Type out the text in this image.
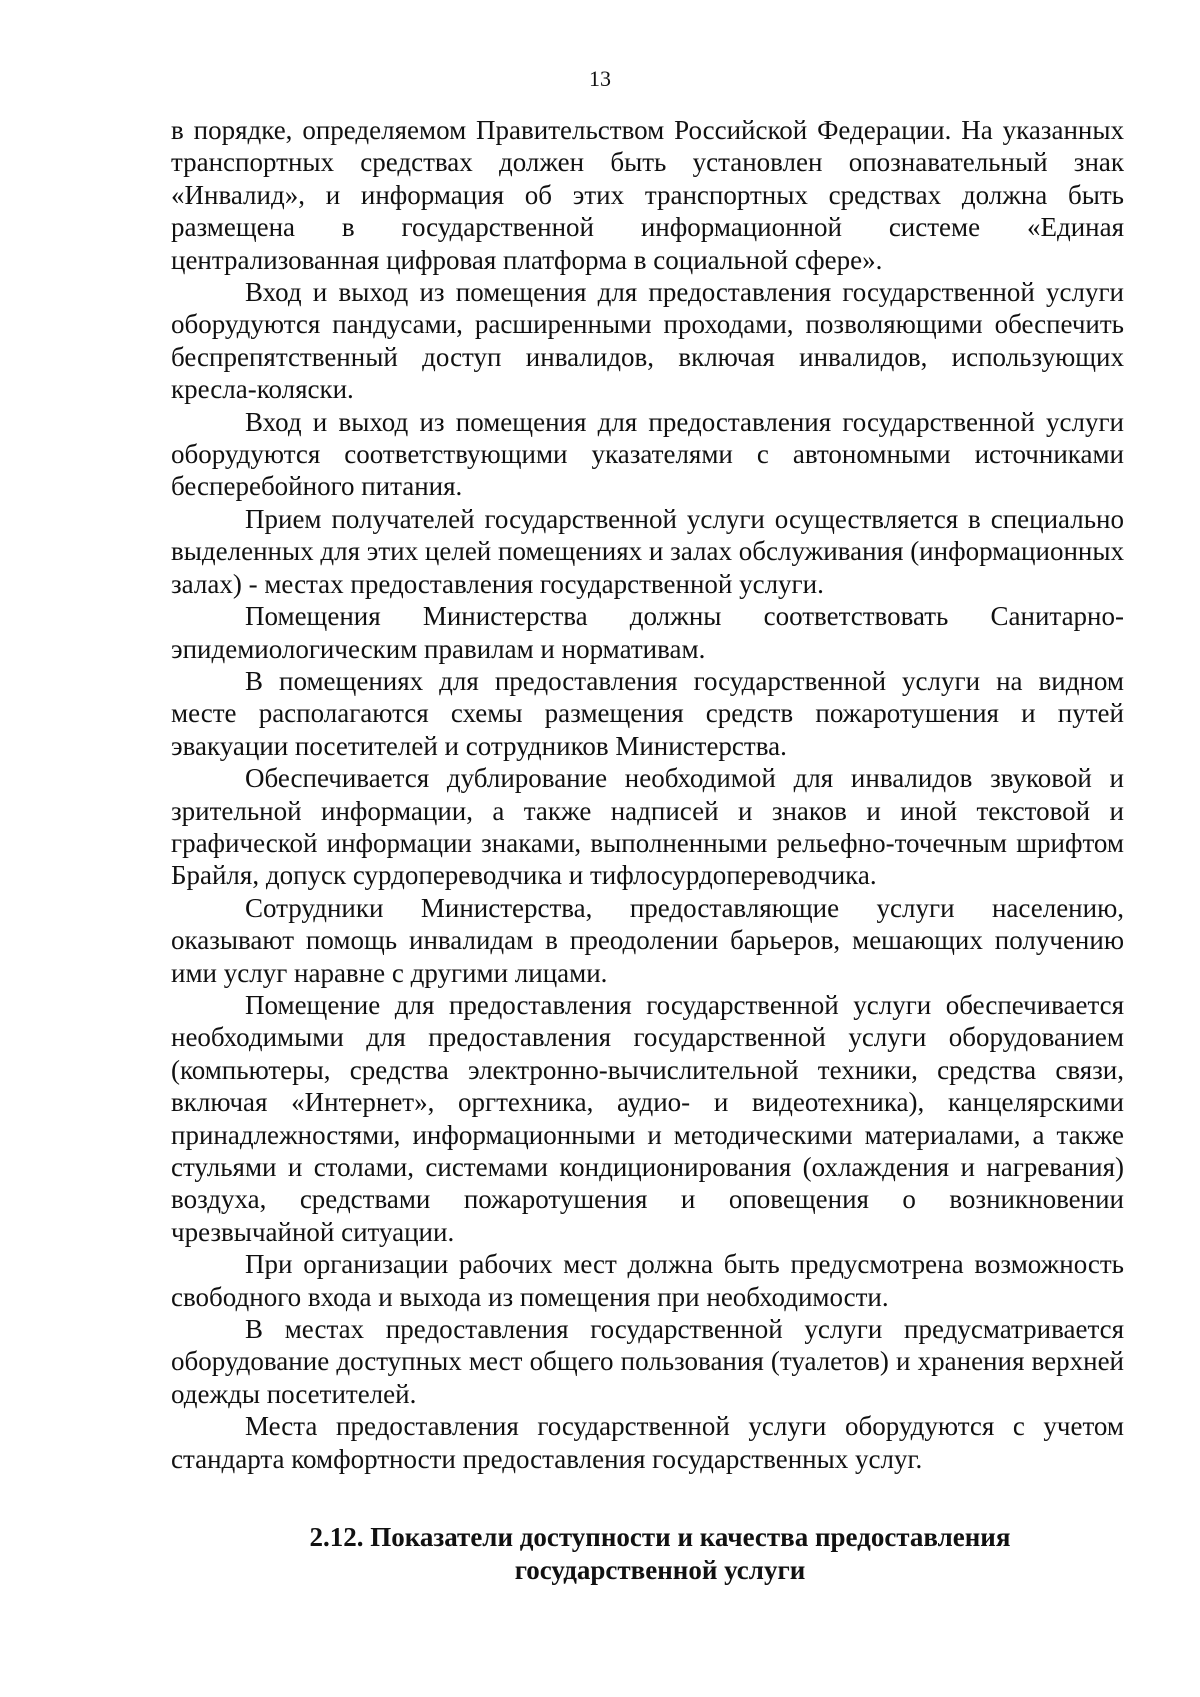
13

в порядке, определяемом Правительством Российской Федерации. На указанных транспортных средствах должен быть установлен опознавательный знак «Инвалид», и информация об этих транспортных средствах должна быть размещена в государственной информационной системе «Единая централизованная цифровая платформа в социальной сфере».

Вход и выход из помещения для предоставления государственной услуги оборудуются пандусами, расширенными проходами, позволяющими обеспечить беспрепятственный доступ инвалидов, включая инвалидов, использующих кресла-коляски.

Вход и выход из помещения для предоставления государственной услуги оборудуются соответствующими указателями с автономными источниками бесперебойного питания.

Прием получателей государственной услуги осуществляется в специально выделенных для этих целей помещениях и залах обслуживания (информационных залах) - местах предоставления государственной услуги.

Помещения Министерства должны соответствовать Санитарно-эпидемиологическим правилам и нормативам.

В помещениях для предоставления государственной услуги на видном месте располагаются схемы размещения средств пожаротушения и путей эвакуации посетителей и сотрудников Министерства.

Обеспечивается дублирование необходимой для инвалидов звуковой и зрительной информации, а также надписей и знаков и иной текстовой и графической информации знаками, выполненными рельефно-точечным шрифтом Брайля, допуск сурдопереводчика и тифлосурдопереводчика.

Сотрудники Министерства, предоставляющие услуги населению, оказывают помощь инвалидам в преодолении барьеров, мешающих получению ими услуг наравне с другими лицами.

Помещение для предоставления государственной услуги обеспечивается необходимыми для предоставления государственной услуги оборудованием (компьютеры, средства электронно-вычислительной техники, средства связи, включая «Интернет», оргтехника, аудио- и видеотехника), канцелярскими принадлежностями, информационными и методическими материалами, а также стульями и столами, системами кондиционирования (охлаждения и нагревания) воздуха, средствами пожаротушения и оповещения о возникновении чрезвычайной ситуации.

При организации рабочих мест должна быть предусмотрена возможность свободного входа и выхода из помещения при необходимости.

В местах предоставления государственной услуги предусматривается оборудование доступных мест общего пользования (туалетов) и хранения верхней одежды посетителей.

Места предоставления государственной услуги оборудуются с учетом стандарта комфортности предоставления государственных услуг.

2.12. Показатели доступности и качества предоставления
государственной услуги
